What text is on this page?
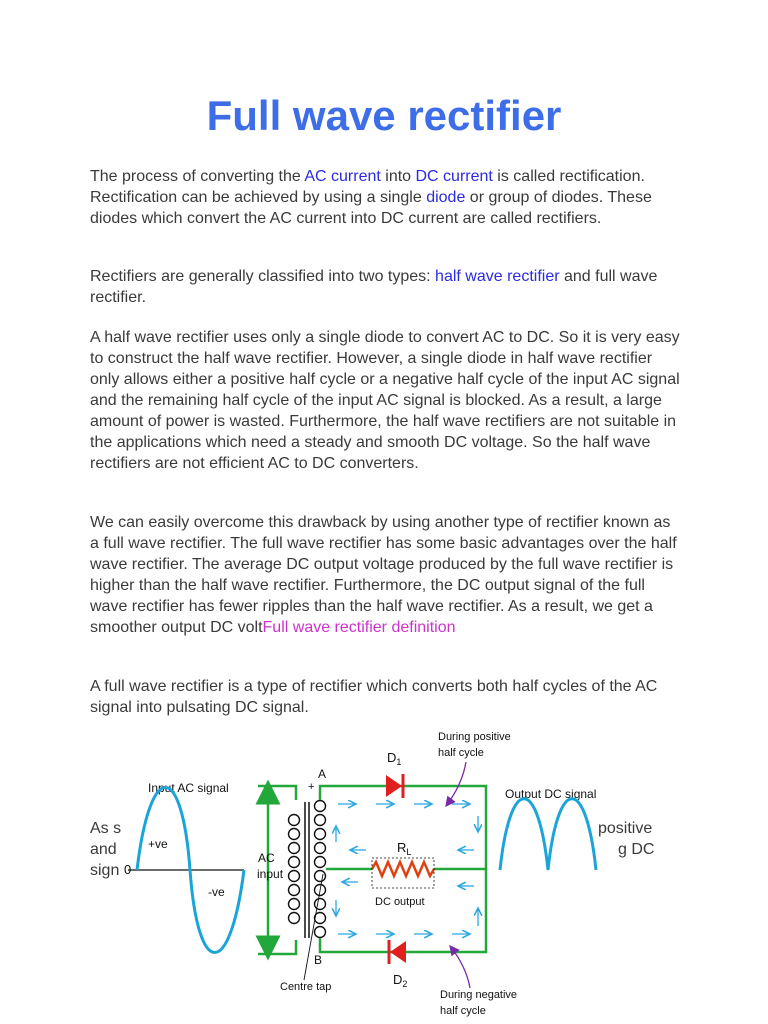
Full wave rectifier

The process of converting the AC current into DC current is called rectification. Rectification can be achieved by using a single diode or group of diodes. These diodes which convert the AC current into DC current are called rectifiers.

Rectifiers are generally classified into two types: half wave rectifier and full wave rectifier.

A half wave rectifier uses only a single diode to convert AC to DC. So it is very easy to construct the half wave rectifier. However, a single diode in half wave rectifier only allows either a positive half cycle or a negative half cycle of the input AC signal and the remaining half cycle of the input AC signal is blocked. As a result, a large amount of power is wasted. Furthermore, the half wave rectifiers are not suitable in the applications which need a steady and smooth DC voltage. So the half wave rectifiers are not efficient AC to DC converters.

We can easily overcome this drawback by using another type of rectifier known as a full wave rectifier. The full wave rectifier has some basic advantages over the half wave rectifier. The average DC output voltage produced by the full wave rectifier is higher than the half wave rectifier. Furthermore, the DC output signal of the full wave rectifier has fewer ripples than the half wave rectifier. As a result, we get a smoother output DC voltFull wave rectifier definition

A full wave rectifier is a type of rectifier which converts both half cycles of the AC signal into pulsating DC signal.

As s
and
sign
positive
g DC
Input AC signal
+ve
-ve
0
AC
input
A
+
B
-
$D_1$
$D_2$
$R_L$
DC output
During positive
half cycle
During negative
half cycle
Centre tap
Output DC signal
